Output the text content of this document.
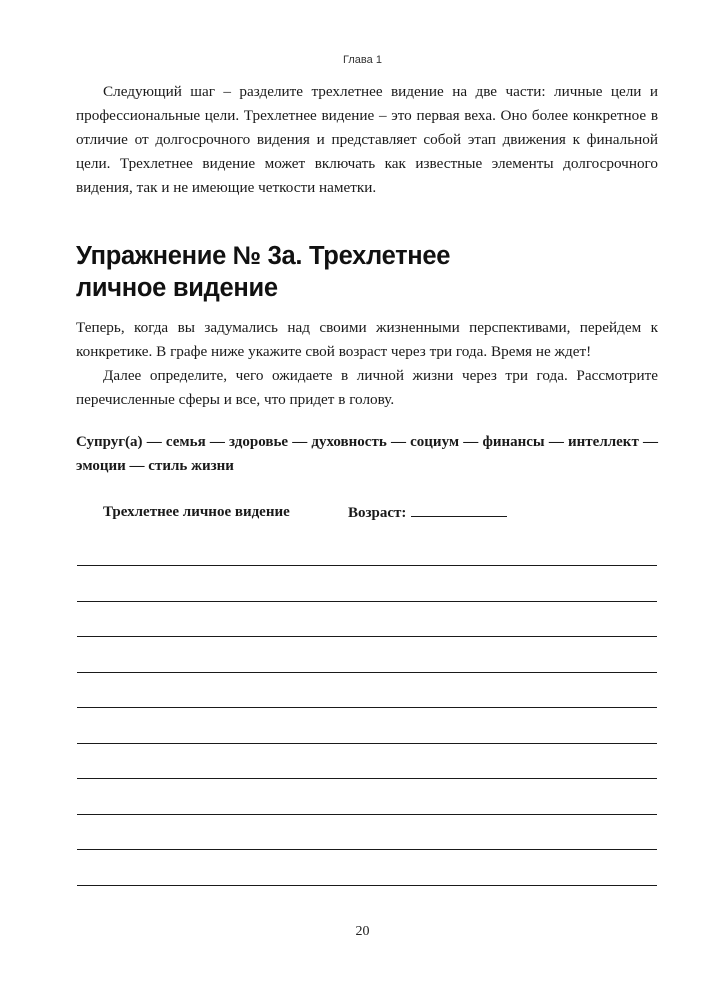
Глава 1

Следующий шаг – разделите трехлетнее видение на две части: личные цели и профессиональные цели. Трехлетнее видение – это первая веха. Оно более конкретное в отличие от долгосрочного видения и представляет собой этап движения к финальной цели. Трехлетнее видение может включать как известные элементы долгосрочного видения, так и не имеющие четкости наметки.

Упражнение № 3а. Трехлетнее
личное видение

Теперь, когда вы задумались над своими жизненными перспективами, перейдем к конкретике. В графе ниже укажите свой возраст через три года. Время не ждет!

Далее определите, чего ожидаете в личной жизни через три года. Рассмотрите перечисленные сферы и все, что придет в голову.

Супруг(а) — семья — здоровье — духовность — социум — финансы — интеллект — эмоции — стиль жизни

Трехлетнее личное видение	Возраст:
20
